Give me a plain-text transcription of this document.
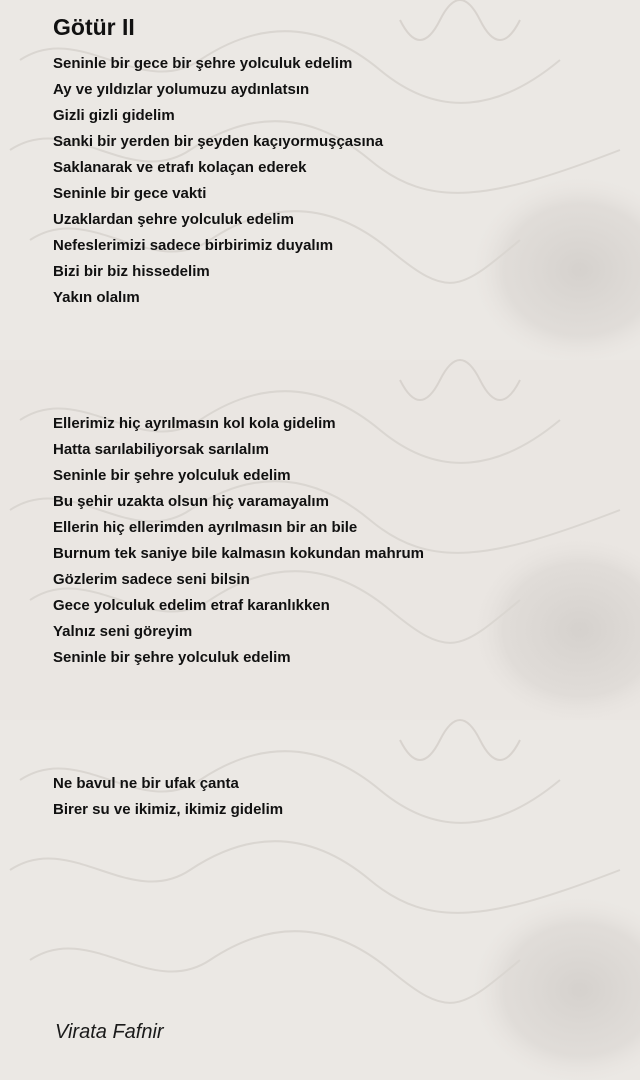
Götür II
Seninle bir gece bir şehre yolculuk edelim
Ay ve yıldızlar yolumuzu aydınlatsın
Gizli gizli gidelim
Sanki bir yerden bir şeyden kaçıyormuşçasına
Saklanarak ve etrafı kolaçan ederek
Seninle bir gece vakti
Uzaklardan şehre yolculuk edelim
Nefeslerimizi sadece birbirimiz duyalım
Bizi bir biz hissedelim
Yakın olalım
Ellerimiz hiç ayrılmasın kol kola gidelim
Hatta sarılabiliyorsak sarılalım
Seninle bir şehre yolculuk edelim
Bu şehir uzakta olsun hiç varamayalım
Ellerin hiç ellerimden ayrılmasın bir an bile
Burnum tek saniye bile kalmasın kokundan mahrum
Gözlerim sadece seni bilsin
Gece yolculuk edelim etraf karanlıkken
Yalnız seni göreyim
Seninle bir şehre yolculuk edelim
Ne bavul ne bir ufak çanta
Birer su ve ikimiz, ikimiz gidelim

Virata Fafnir
